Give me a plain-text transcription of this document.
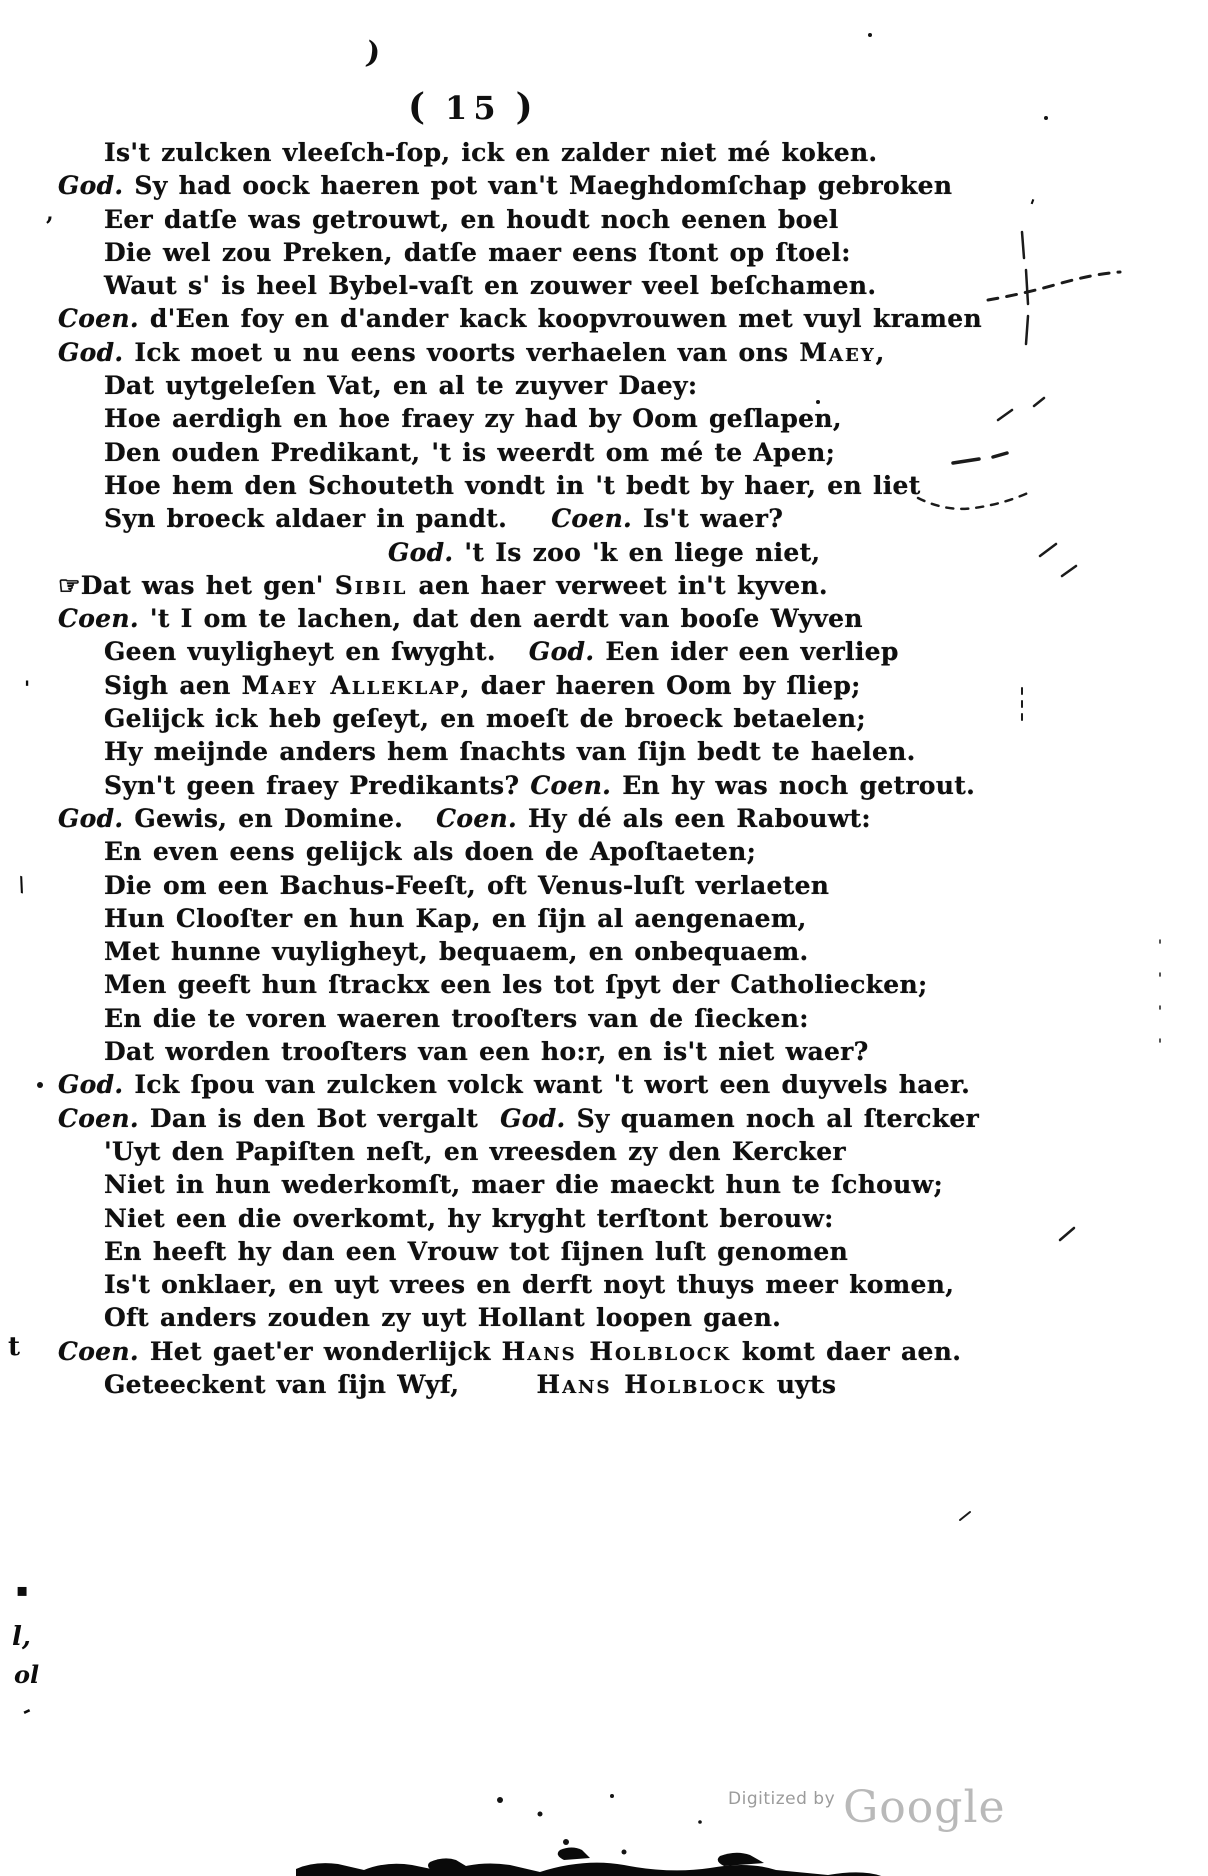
)
( 15 )
Is't zulcken vleeſch-ſop, ick en zalder niet mé koken.
God. Sy had oock haeren pot van't Maeghdomſchap gebroken
Eer datſe was getrouwt, en houdt noch eenen boel
Die wel zou Preken, datſe maer eens ſtont op ſtoel:
Waut s' is heel Bybel-vaſt en zouwer veel beſchamen.
Coen. d'Een foy en d'ander kack koopvrouwen met vuyl kramen
God. Ick moet u nu eens voorts verhaelen van ons Maey,
Dat uytgeleſen Vat, en al te zuyver Daey:
Hoe aerdigh en hoe fraey zy had by Oom geſlapen,
Den ouden Predikant, 't is weerdt om mé te Apen;
Hoe hem den Schouteth vondt in 't bedt by haer, en liet
Syn broeck aldaer in pandt.    Coen. Is't waer?
God. 't Is zoo 'k en liege niet,
☞Dat was het gen' Sibil aen haer verweet in't kyven.
Coen. 't I om te lachen, dat den aerdt van booſe Wyven
Geen vuyligheyt en ſwyght.   God. Een ider een verliep
Sigh aen Maey Alleklap, daer haeren Oom by ſliep;
Gelijck ick heb geſeyt, en moeſt de broeck betaelen;
Hy meijnde anders hem ſnachts van ſijn bedt te haelen.
Syn't geen fraey Predikants? Coen. En hy was noch getrout.
God. Gewis, en Domine.   Coen. Hy dé als een Rabouwt:
En even eens gelijck als doen de Apoſtaeten;
Die om een Bachus-Feeſt, oft Venus-luſt verlaeten
Hun Clooſter en hun Kap, en ſijn al aengenaem,
Met hunne vuyligheyt, bequaem, en onbequaem.
Men geeft hun ſtrackx een les tot ſpyt der Catholiecken;
En die te voren waeren trooſters van de ſiecken:
Dat worden trooſters van een ho:r, en is't niet waer?
God. Ick ſpou van zulcken volck want 't wort een duyvels haer.
Coen. Dan is den Bot vergalt  God. Sy quamen noch al ſtercker
'Uyt den Papiſten neſt, en vreesden zy den Kercker
Niet in hun wederkomſt, maer die maeckt hun te ſchouw;
Niet een die overkomt, hy kryght terſtont berouw:
En heeft hy dan een Vrouw tot ſijnen luſt genomen
Is't onklaer, en uyt vrees en derft noyt thuys meer komen,
Oft anders zouden zy uyt Hollant loopen gaen.
Coen. Het gaet'er wonderlijck Hans Holblock komt daer aen.
Geteeckent van ſijn Wyf,       Hans Holblock uyts
'
,
'
\
t
▪
l,
ol
-
Digitized by Google
